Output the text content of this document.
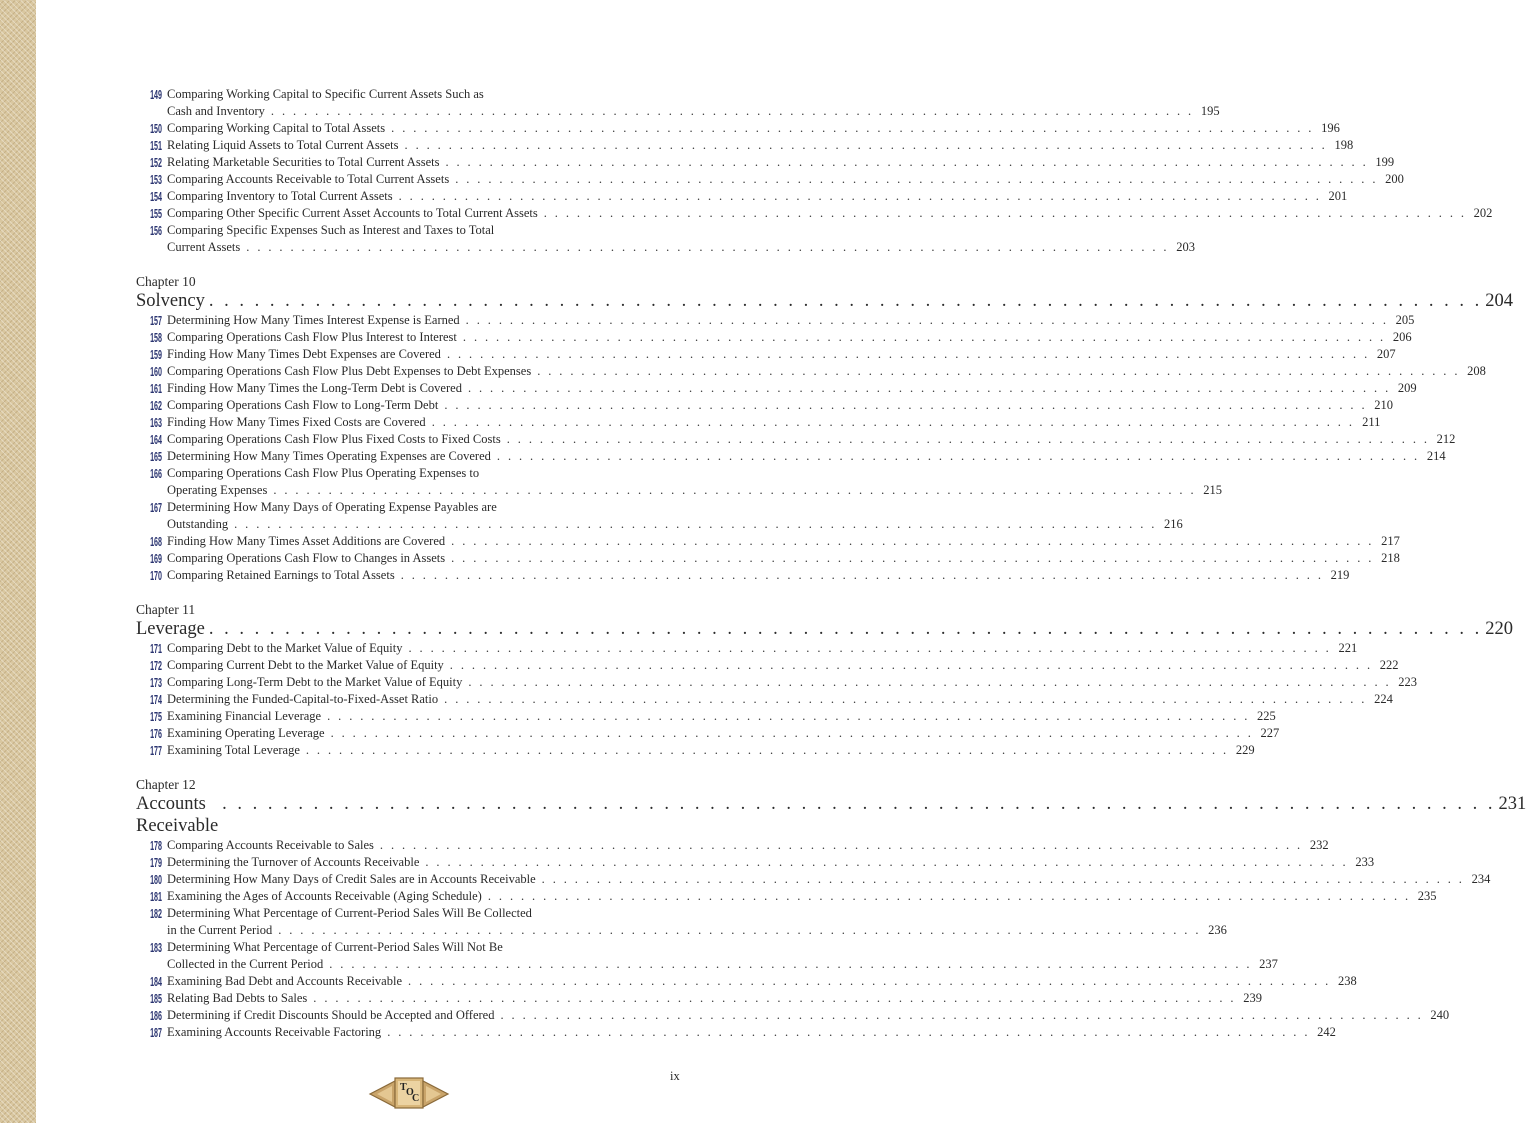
149 Comparing Working Capital to Specific Current Assets Such as
Cash and Inventory . . . . . . . . . . . . . . . . . . . . . . . . . . . . . . . . . . . . . . . . . . . . . . . . . . . . . . . . . . . . . . . . . . . . . . . . . . . . . . . . . . . . 195
150 Comparing Working Capital to Total Assets . . . . . . . . . . . . . . . . . . . . . . . . . . . . . . . . . . . . . . . . . . . . . . . . . . . . . . . . . . . . . . . . . . . . . . . . . . . . . . . . . . . . 196
151 Relating Liquid Assets to Total Current Assets . . . . . . . . . . . . . . . . . . . . . . . . . . . . . . . . . . . . . . . . . . . . . . . . . . . . . . . . . . . . . . . . . . . . . . . . . . . . . . . . . . . . 198
152 Relating Marketable Securities to Total Current Assets . . . . . . . . . . . . . . . . . . . . . . . . . . . . . . . . . . . . . . . . . . . . . . . . . . . . . . . . . . . . . . . . . . . . . . . . . . . . . . . . . . . . 199
153 Comparing Accounts Receivable to Total Current Assets . . . . . . . . . . . . . . . . . . . . . . . . . . . . . . . . . . . . . . . . . . . . . . . . . . . . . . . . . . . . . . . . . . . . . . . . . . . . . . . . . . . . 200
154 Comparing Inventory to Total Current Assets . . . . . . . . . . . . . . . . . . . . . . . . . . . . . . . . . . . . . . . . . . . . . . . . . . . . . . . . . . . . . . . . . . . . . . . . . . . . . . . . . . . . 201
155 Comparing Other Specific Current Asset Accounts to Total Current Assets . . . . . . . . . . . . . . . . . . . . . . . . . . . . . . . . . . . . . . . . . . . . . . . . . . . . . . . . . . . . . . . . . . . . . . . . . . . . . . . . . . . . 202
156 Comparing Specific Expenses Such as Interest and Taxes to Total
Current Assets . . . . . . . . . . . . . . . . . . . . . . . . . . . . . . . . . . . . . . . . . . . . . . . . . . . . . . . . . . . . . . . . . . . . . . . . . . . . . . . . . . . . 203
Chapter 10
Solvency . . . . . . . . . . . . . . . . . . . . . . . . . . . . . . . . . . . . . . . . . . . . . . . . . . . . . . . . . . . . . . . . . . . . . . . . . . . . . . . . . . . . 204
157 Determining How Many Times Interest Expense is Earned . . . . . . . . . . . . . . . . . . . . . . . . . . . . . . . . . . . . . . . . . . . . . . . . . . . . . . . . . . . . . . . . . . . . . . . . . . . . . . . . . . . . 205
158 Comparing Operations Cash Flow Plus Interest to Interest . . . . . . . . . . . . . . . . . . . . . . . . . . . . . . . . . . . . . . . . . . . . . . . . . . . . . . . . . . . . . . . . . . . . . . . . . . . . . . . . . . . . 206
159 Finding How Many Times Debt Expenses are Covered . . . . . . . . . . . . . . . . . . . . . . . . . . . . . . . . . . . . . . . . . . . . . . . . . . . . . . . . . . . . . . . . . . . . . . . . . . . . . . . . . . . . 207
160 Comparing Operations Cash Flow Plus Debt Expenses to Debt Expenses . . . . . . . . . . . . . . . . . . . . . . . . . . . . . . . . . . . . . . . . . . . . . . . . . . . . . . . . . . . . . . . . . . . . . . . . . . . . . . . . . . . . 208
161 Finding How Many Times the Long-Term Debt is Covered . . . . . . . . . . . . . . . . . . . . . . . . . . . . . . . . . . . . . . . . . . . . . . . . . . . . . . . . . . . . . . . . . . . . . . . . . . . . . . . . . . . . 209
162 Comparing Operations Cash Flow to Long-Term Debt . . . . . . . . . . . . . . . . . . . . . . . . . . . . . . . . . . . . . . . . . . . . . . . . . . . . . . . . . . . . . . . . . . . . . . . . . . . . . . . . . . . . 210
163 Finding How Many Times Fixed Costs are Covered . . . . . . . . . . . . . . . . . . . . . . . . . . . . . . . . . . . . . . . . . . . . . . . . . . . . . . . . . . . . . . . . . . . . . . . . . . . . . . . . . . . . 211
164 Comparing Operations Cash Flow Plus Fixed Costs to Fixed Costs . . . . . . . . . . . . . . . . . . . . . . . . . . . . . . . . . . . . . . . . . . . . . . . . . . . . . . . . . . . . . . . . . . . . . . . . . . . . . . . . . . . . 212
165 Determining How Many Times Operating Expenses are Covered . . . . . . . . . . . . . . . . . . . . . . . . . . . . . . . . . . . . . . . . . . . . . . . . . . . . . . . . . . . . . . . . . . . . . . . . . . . . . . . . . . . . 214
166 Comparing Operations Cash Flow Plus Operating Expenses to
Operating Expenses . . . . . . . . . . . . . . . . . . . . . . . . . . . . . . . . . . . . . . . . . . . . . . . . . . . . . . . . . . . . . . . . . . . . . . . . . . . . . . . . . . . . 215
167 Determining How Many Days of Operating Expense Payables are
Outstanding . . . . . . . . . . . . . . . . . . . . . . . . . . . . . . . . . . . . . . . . . . . . . . . . . . . . . . . . . . . . . . . . . . . . . . . . . . . . . . . . . . . . 216
168 Finding How Many Times Asset Additions are Covered . . . . . . . . . . . . . . . . . . . . . . . . . . . . . . . . . . . . . . . . . . . . . . . . . . . . . . . . . . . . . . . . . . . . . . . . . . . . . . . . . . . . 217
169 Comparing Operations Cash Flow to Changes in Assets . . . . . . . . . . . . . . . . . . . . . . . . . . . . . . . . . . . . . . . . . . . . . . . . . . . . . . . . . . . . . . . . . . . . . . . . . . . . . . . . . . . . 218
170 Comparing Retained Earnings to Total Assets . . . . . . . . . . . . . . . . . . . . . . . . . . . . . . . . . . . . . . . . . . . . . . . . . . . . . . . . . . . . . . . . . . . . . . . . . . . . . . . . . . . . 219
Chapter 11
Leverage . . . . . . . . . . . . . . . . . . . . . . . . . . . . . . . . . . . . . . . . . . . . . . . . . . . . . . . . . . . . . . . . . . . . . . . . . . . . . . . . . . . . 220
171 Comparing Debt to the Market Value of Equity . . . . . . . . . . . . . . . . . . . . . . . . . . . . . . . . . . . . . . . . . . . . . . . . . . . . . . . . . . . . . . . . . . . . . . . . . . . . . . . . . . . . 221
172 Comparing Current Debt to the Market Value of Equity . . . . . . . . . . . . . . . . . . . . . . . . . . . . . . . . . . . . . . . . . . . . . . . . . . . . . . . . . . . . . . . . . . . . . . . . . . . . . . . . . . . . 222
173 Comparing Long-Term Debt to the Market Value of Equity . . . . . . . . . . . . . . . . . . . . . . . . . . . . . . . . . . . . . . . . . . . . . . . . . . . . . . . . . . . . . . . . . . . . . . . . . . . . . . . . . . . . 223
174 Determining the Funded-Capital-to-Fixed-Asset Ratio . . . . . . . . . . . . . . . . . . . . . . . . . . . . . . . . . . . . . . . . . . . . . . . . . . . . . . . . . . . . . . . . . . . . . . . . . . . . . . . . . . . . 224
175 Examining Financial Leverage . . . . . . . . . . . . . . . . . . . . . . . . . . . . . . . . . . . . . . . . . . . . . . . . . . . . . . . . . . . . . . . . . . . . . . . . . . . . . . . . . . . . 225
176 Examining Operating Leverage . . . . . . . . . . . . . . . . . . . . . . . . . . . . . . . . . . . . . . . . . . . . . . . . . . . . . . . . . . . . . . . . . . . . . . . . . . . . . . . . . . . . 227
177 Examining Total Leverage . . . . . . . . . . . . . . . . . . . . . . . . . . . . . . . . . . . . . . . . . . . . . . . . . . . . . . . . . . . . . . . . . . . . . . . . . . . . . . . . . . . . 229
Chapter 12
Accounts Receivable
. . . . . . . . . . . . . . . . . . . . . . . . . . . . . . . . . . . . . . . . . . . . . . . . . . . . . . . . . . . . . . . . . . . . . . . . . . . . . . . . . . . . 231
178 Comparing Accounts Receivable to Sales . . . . . . . . . . . . . . . . . . . . . . . . . . . . . . . . . . . . . . . . . . . . . . . . . . . . . . . . . . . . . . . . . . . . . . . . . . . . . . . . . . . . 232
179 Determining the Turnover of Accounts Receivable . . . . . . . . . . . . . . . . . . . . . . . . . . . . . . . . . . . . . . . . . . . . . . . . . . . . . . . . . . . . . . . . . . . . . . . . . . . . . . . . . . . . 233
180 Determining How Many Days of Credit Sales are in Accounts Receivable . . . . . . . . . . . . . . . . . . . . . . . . . . . . . . . . . . . . . . . . . . . . . . . . . . . . . . . . . . . . . . . . . . . . . . . . . . . . . . . . . . . . 234
181 Examining the Ages of Accounts Receivable (Aging Schedule) . . . . . . . . . . . . . . . . . . . . . . . . . . . . . . . . . . . . . . . . . . . . . . . . . . . . . . . . . . . . . . . . . . . . . . . . . . . . . . . . . . . . 235
182 Determining What Percentage of Current-Period Sales Will Be Collected
in the Current Period . . . . . . . . . . . . . . . . . . . . . . . . . . . . . . . . . . . . . . . . . . . . . . . . . . . . . . . . . . . . . . . . . . . . . . . . . . . . . . . . . . . . 236
183 Determining What Percentage of Current-Period Sales Will Not Be
Collected in the Current Period . . . . . . . . . . . . . . . . . . . . . . . . . . . . . . . . . . . . . . . . . . . . . . . . . . . . . . . . . . . . . . . . . . . . . . . . . . . . . . . . . . . . 237
184 Examining Bad Debt and Accounts Receivable . . . . . . . . . . . . . . . . . . . . . . . . . . . . . . . . . . . . . . . . . . . . . . . . . . . . . . . . . . . . . . . . . . . . . . . . . . . . . . . . . . . . 238
185 Relating Bad Debts to Sales . . . . . . . . . . . . . . . . . . . . . . . . . . . . . . . . . . . . . . . . . . . . . . . . . . . . . . . . . . . . . . . . . . . . . . . . . . . . . . . . . . . . 239
186 Determining if Credit Discounts Should be Accepted and Offered . . . . . . . . . . . . . . . . . . . . . . . . . . . . . . . . . . . . . . . . . . . . . . . . . . . . . . . . . . . . . . . . . . . . . . . . . . . . . . . . . . . . 240
187 Examining Accounts Receivable Factoring . . . . . . . . . . . . . . . . . . . . . . . . . . . . . . . . . . . . . . . . . . . . . . . . . . . . . . . . . . . . . . . . . . . . . . . . . . . . . . . . . . . . 242
ix
T O
C
